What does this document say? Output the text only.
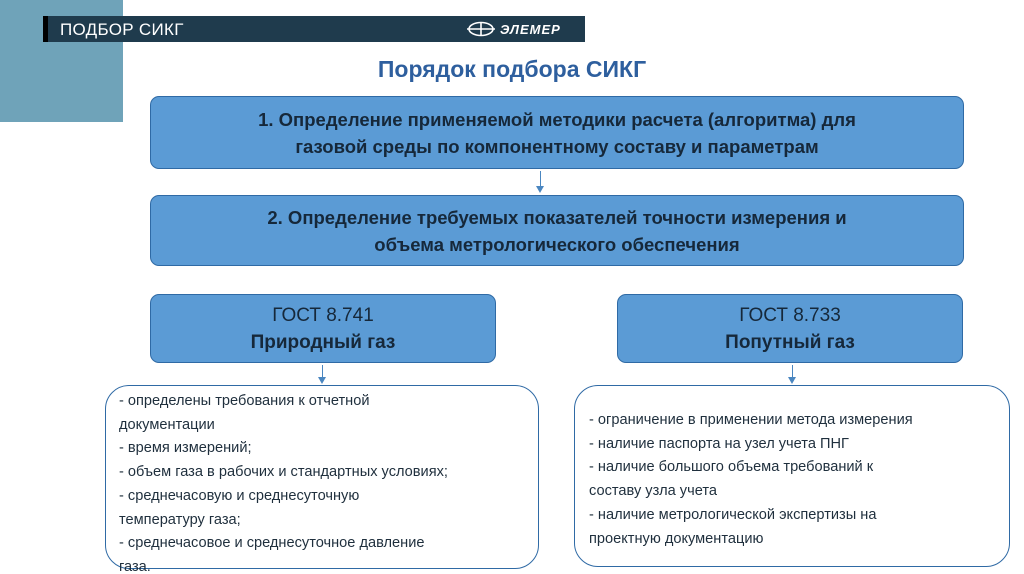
ПОДБОР СИКГ	ЭЛЕМЕР
Порядок подбора СИКГ
1. Определение применяемой методики расчета (алгоритма) для
газовой среды по компонентному составу и параметрам
2. Определение требуемых показателей точности измерения и
объема метрологического обеспечения
ГОСТ 8.741
Природный газ
ГОСТ 8.733
Попутный газ
- определены требования к отчетной
документации
- время измерений;
- объем газа в рабочих и стандартных условиях;
- среднечасовую и среднесуточную
температуру газа;
- среднечасовое и среднесуточное давление
газа.
- ограничение в применении метода измерения
- наличие паспорта на узел учета ПНГ
- наличие большого объема требований к
составу узла учета
- наличие метрологической экспертизы на
проектную документацию
